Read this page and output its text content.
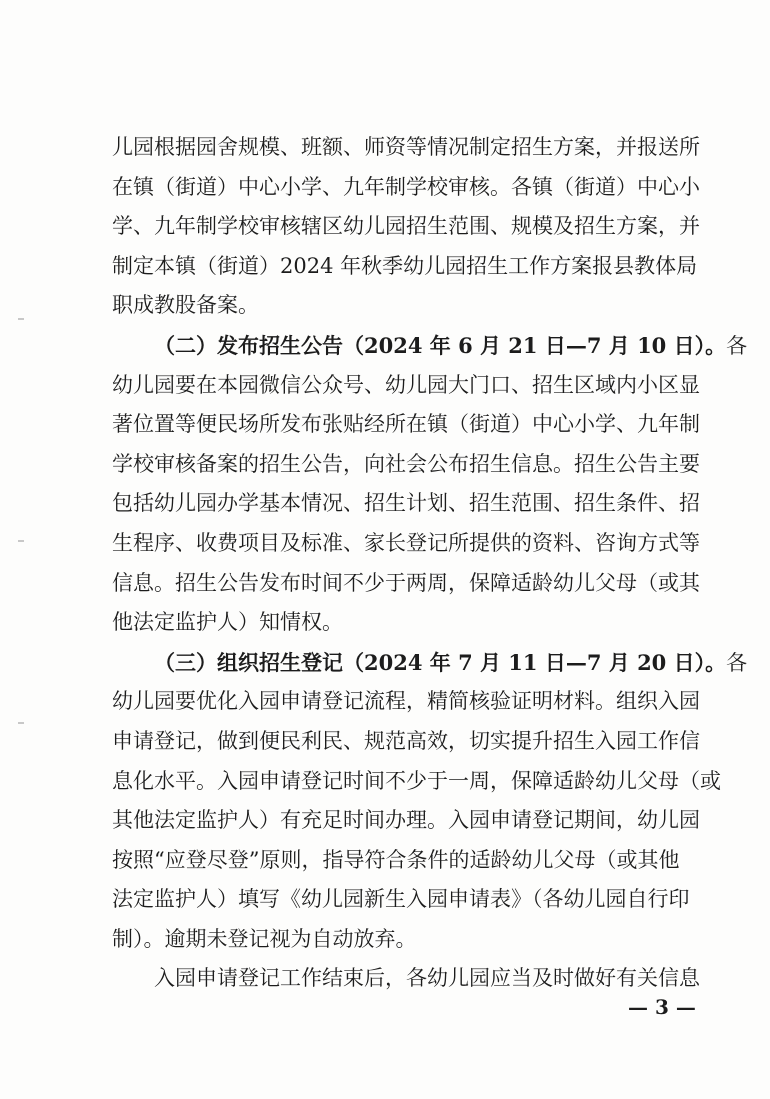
儿园根据园舍规模、班额、师资等情况制定招生方案，并报送所
在镇（街道）中心小学、九年制学校审核。各镇（街道）中心小
学、九年制学校审核辖区幼儿园招生范围、规模及招生方案，并
制定本镇（街道）2024 年秋季幼儿园招生工作方案报县教体局
职成教股备案。
（二）发布招生公告（2024 年 6 月 21 日—7 月 10 日）。各
幼儿园要在本园微信公众号、幼儿园大门口、招生区域内小区显
著位置等便民场所发布张贴经所在镇（街道）中心小学、九年制
学校审核备案的招生公告，向社会公布招生信息。招生公告主要
包括幼儿园办学基本情况、招生计划、招生范围、招生条件、招
生程序、收费项目及标准、家长登记所提供的资料、咨询方式等
信息。招生公告发布时间不少于两周，保障适龄幼儿父母（或其
他法定监护人）知情权。
（三）组织招生登记（2024 年 7 月 11 日—7 月 20 日）。各
幼儿园要优化入园申请登记流程，精简核验证明材料。组织入园
申请登记，做到便民利民、规范高效，切实提升招生入园工作信
息化水平。入园申请登记时间不少于一周，保障适龄幼儿父母（或
其他法定监护人）有充足时间办理。入园申请登记期间，幼儿园
按照“应登尽登”原则，指导符合条件的适龄幼儿父母（或其他
法定监护人）填写《幼儿园新生入园申请表》（各幼儿园自行印
制）。逾期未登记视为自动放弃。
入园申请登记工作结束后，各幼儿园应当及时做好有关信息
— 3 —
